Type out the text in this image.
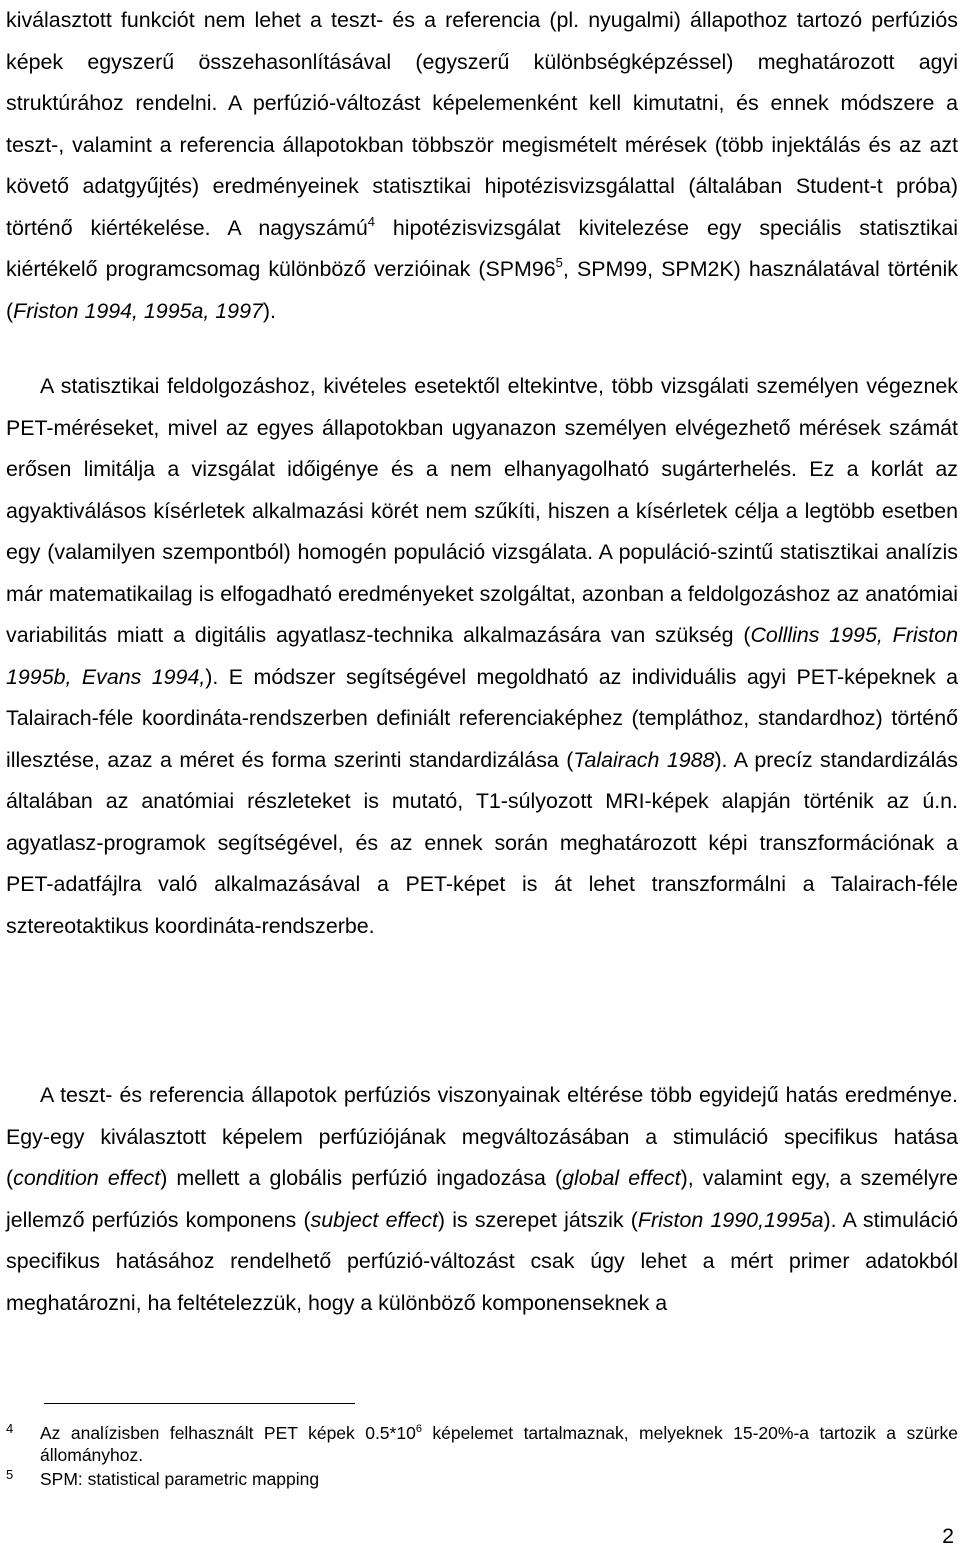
kiválasztott funkciót nem lehet a teszt- és a referencia (pl. nyugalmi) állapothoz tartozó perfúziós képek egyszerű összehasonlításával (egyszerű különbségképzéssel) meghatározott agyi struktúrához rendelni. A perfúzió-változást képelemenként kell kimutatni, és ennek módszere a teszt-, valamint a referencia állapotokban többször megismételt mérések (több injektálás és az azt követő adatgyűjtés) eredményeinek statisztikai hipotézisvizsgálattal (általában Student-t próba) történő kiértékelése. A nagyszámú$^4$ hipotézisvizsgálat kivitelezése egy speciális statisztikai kiértékelő programcsomag különböző verzióinak ($SPM96^5$, SPM99, SPM2K) használatával történik (Friston 1994, 1995a, 1997).

A statisztikai feldolgozáshoz, kivételes esetektől eltekintve, több vizsgálati személyen végeznek PET-méréseket, mivel az egyes állapotokban ugyanazon személyen elvégezhető mérések számát erősen limitálja a vizsgálat időigénye és a nem elhanyagolható sugárterhelés. Ez a korlát az agyaktiválásos kísérletek alkalmazási körét nem szűkíti, hiszen a kísérletek célja a legtöbb esetben egy (valamilyen szempontból) homogén populáció vizsgálata. A populáció-szintű statisztikai analízis már matematikailag is elfogadható eredményeket szolgáltat, azonban a feldolgozáshoz az anatómiai variabilitás miatt a digitális agyatlasz-technika alkalmazására van szükség (Colllins 1995, Friston 1995b, Evans 1994,). E módszer segítségével megoldható az individuális agyi PET-képeknek a Talairach-féle koordináta-rendszerben definiált referenciaképhez (templáthoz, standardhoz) történő illesztése, azaz a méret és forma szerinti standardizálása (Talairach 1988). A precíz standardizálás általában az anatómiai részleteket is mutató, T1-súlyozott MRI-képek alapján történik az ú.n. agyatlasz-programok segítségével, és az ennek során meghatározott képi transzformációnak a PET-adatfájlra való alkalmazásával a PET-képet is át lehet transzformálni a Talairach-féle sztereotaktikus koordináta-rendszerbe.

A teszt- és referencia állapotok perfúziós viszonyainak eltérése több egyidejű hatás eredménye. Egy-egy kiválasztott képelem perfúziójának megváltozásában a stimuláció specifikus hatása (condition effect) mellett a globális perfúzió ingadozása (global effect), valamint egy, a személyre jellemző perfúziós komponens (subject effect) is szerepet játszik (Friston 1990,1995a). A stimuláció specifikus hatásához rendelhető perfúzió-változást csak úgy lehet a mért primer adatokból meghatározni, ha feltételezzük, hogy a különböző komponenseknek a

4 Az analízisben felhasznált PET képek $0.5*10^6$ képelemet tartalmaznak, melyeknek 15-20%-a tartozik a szürke állományhoz.
5 SPM: statistical parametric mapping
2
